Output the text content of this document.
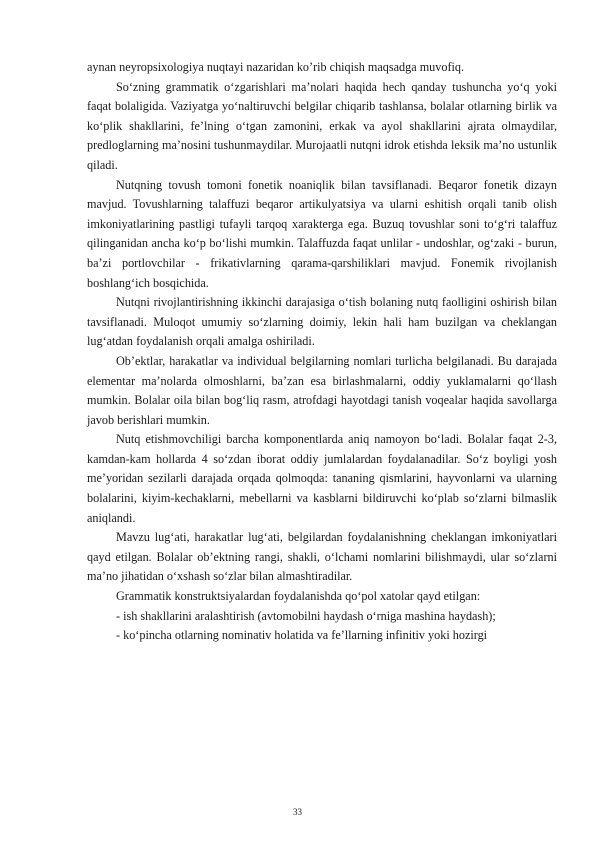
aynan neyropsixologiya nuqtayi nazaridan ko’rib chiqish maqsadga muvofiq.

So‘zning grammatik o‘zgarishlari ma’nolari haqida hech qanday tushuncha yo‘q yoki faqat bolaligida. Vaziyatga yo‘naltiruvchi belgilar chiqarib tashlansa, bolalar otlarning birlik va ko‘plik shakllarini, fe’lning o‘tgan zamonini, erkak va ayol shakllarini ajrata olmaydilar, predloglarning ma’nosini tushunmaydilar. Murojaatli nutqni idrok etishda leksik ma’no ustunlik qiladi.

Nutqning tovush tomoni fonetik noaniqlik bilan tavsiflanadi. Beqaror fonetik dizayn mavjud. Tovushlarning talaffuzi beqaror artikulyatsiya va ularni eshitish orqali tanib olish imkoniyatlarining pastligi tufayli tarqoq xarakterga ega. Buzuq tovushlar soni to‘g‘ri talaffuz qilinganidan ancha ko‘p bo‘lishi mumkin. Talaffuzda faqat unlilar - undoshlar, og‘zaki - burun, ba’zi portlovchilar - frikativlarning qarama-qarshiliklari mavjud. Fonemik rivojlanish boshlang‘ich bosqichida.

Nutqni rivojlantirishning ikkinchi darajasiga o‘tish bolaning nutq faolligini oshirish bilan tavsiflanadi. Muloqot umumiy so‘zlarning doimiy, lekin hali ham buzilgan va cheklangan lug‘atdan foydalanish orqali amalga oshiriladi.

Ob’ektlar, harakatlar va individual belgilarning nomlari turlicha belgilanadi. Bu darajada elementar ma’nolarda olmoshlarni, ba’zan esa birlashmalarni, oddiy yuklamalarni qo‘llash mumkin. Bolalar oila bilan bog‘liq rasm, atrofdagi hayotdagi tanish voqealar haqida savollarga javob berishlari mumkin.

Nutq etishmovchiligi barcha komponentlarda aniq namoyon bo‘ladi. Bolalar faqat 2-3, kamdan-kam hollarda 4 so‘zdan iborat oddiy jumlalardan foydalanadilar. So‘z boyligi yosh me’yoridan sezilarli darajada orqada qolmoqda: tananing qismlarini, hayvonlarni va ularning bolalarini, kiyim-kechaklarni, mebellarni va kasblarni bildiruvchi ko‘plab so‘zlarni bilmaslik aniqlandi.

Mavzu lug‘ati, harakatlar lug‘ati, belgilardan foydalanishning cheklangan imkoniyatlari qayd etilgan. Bolalar ob’ektning rangi, shakli, o‘lchami nomlarini bilishmaydi, ular so‘zlarni ma’no jihatidan o‘xshash so‘zlar bilan almashtiradilar.

Grammatik konstruktsiyalardan foydalanishda qo‘pol xatolar qayd etilgan:

- ish shakllarini aralashtirish (avtomobilni haydash o‘rniga mashina haydash);

- ko‘pincha otlarning nominativ holatida va fe’llarning infinitiv yoki hozirgi

33
